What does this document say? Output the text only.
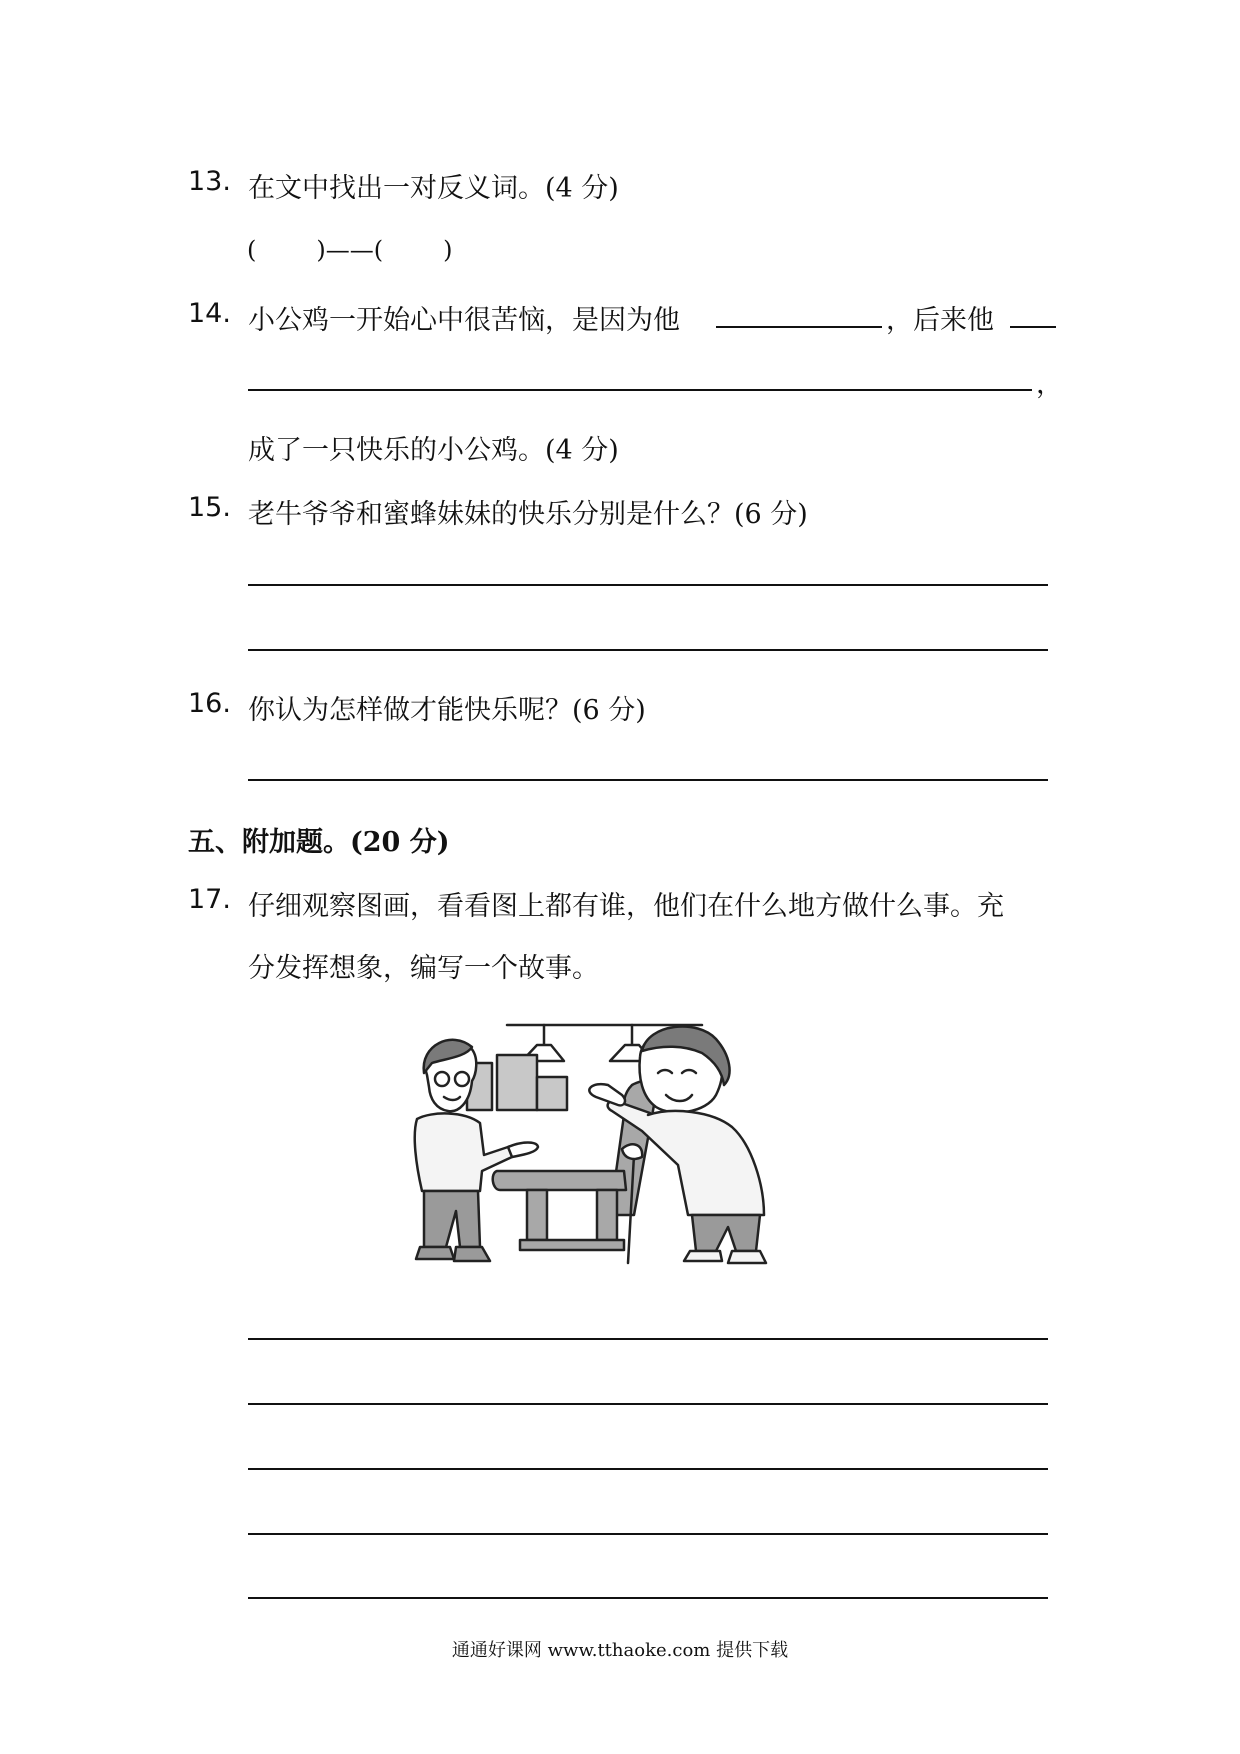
13. 在文中找出一对反义词。(4 分)
(	)——(	)
14. 小公鸡一开始心中很苦恼，是因为他	，后来他
，
成了一只快乐的小公鸡。(4 分)
15. 老牛爷爷和蜜蜂妹妹的快乐分别是什么？(6 分)
16. 你认为怎样做才能快乐呢？(6 分)
五、附加题。(20 分)
17. 仔细观察图画，看看图上都有谁，他们在什么地方做什么事。充
分发挥想象，编写一个故事。
通通好课网 www.tthaoke.com 提供下载
